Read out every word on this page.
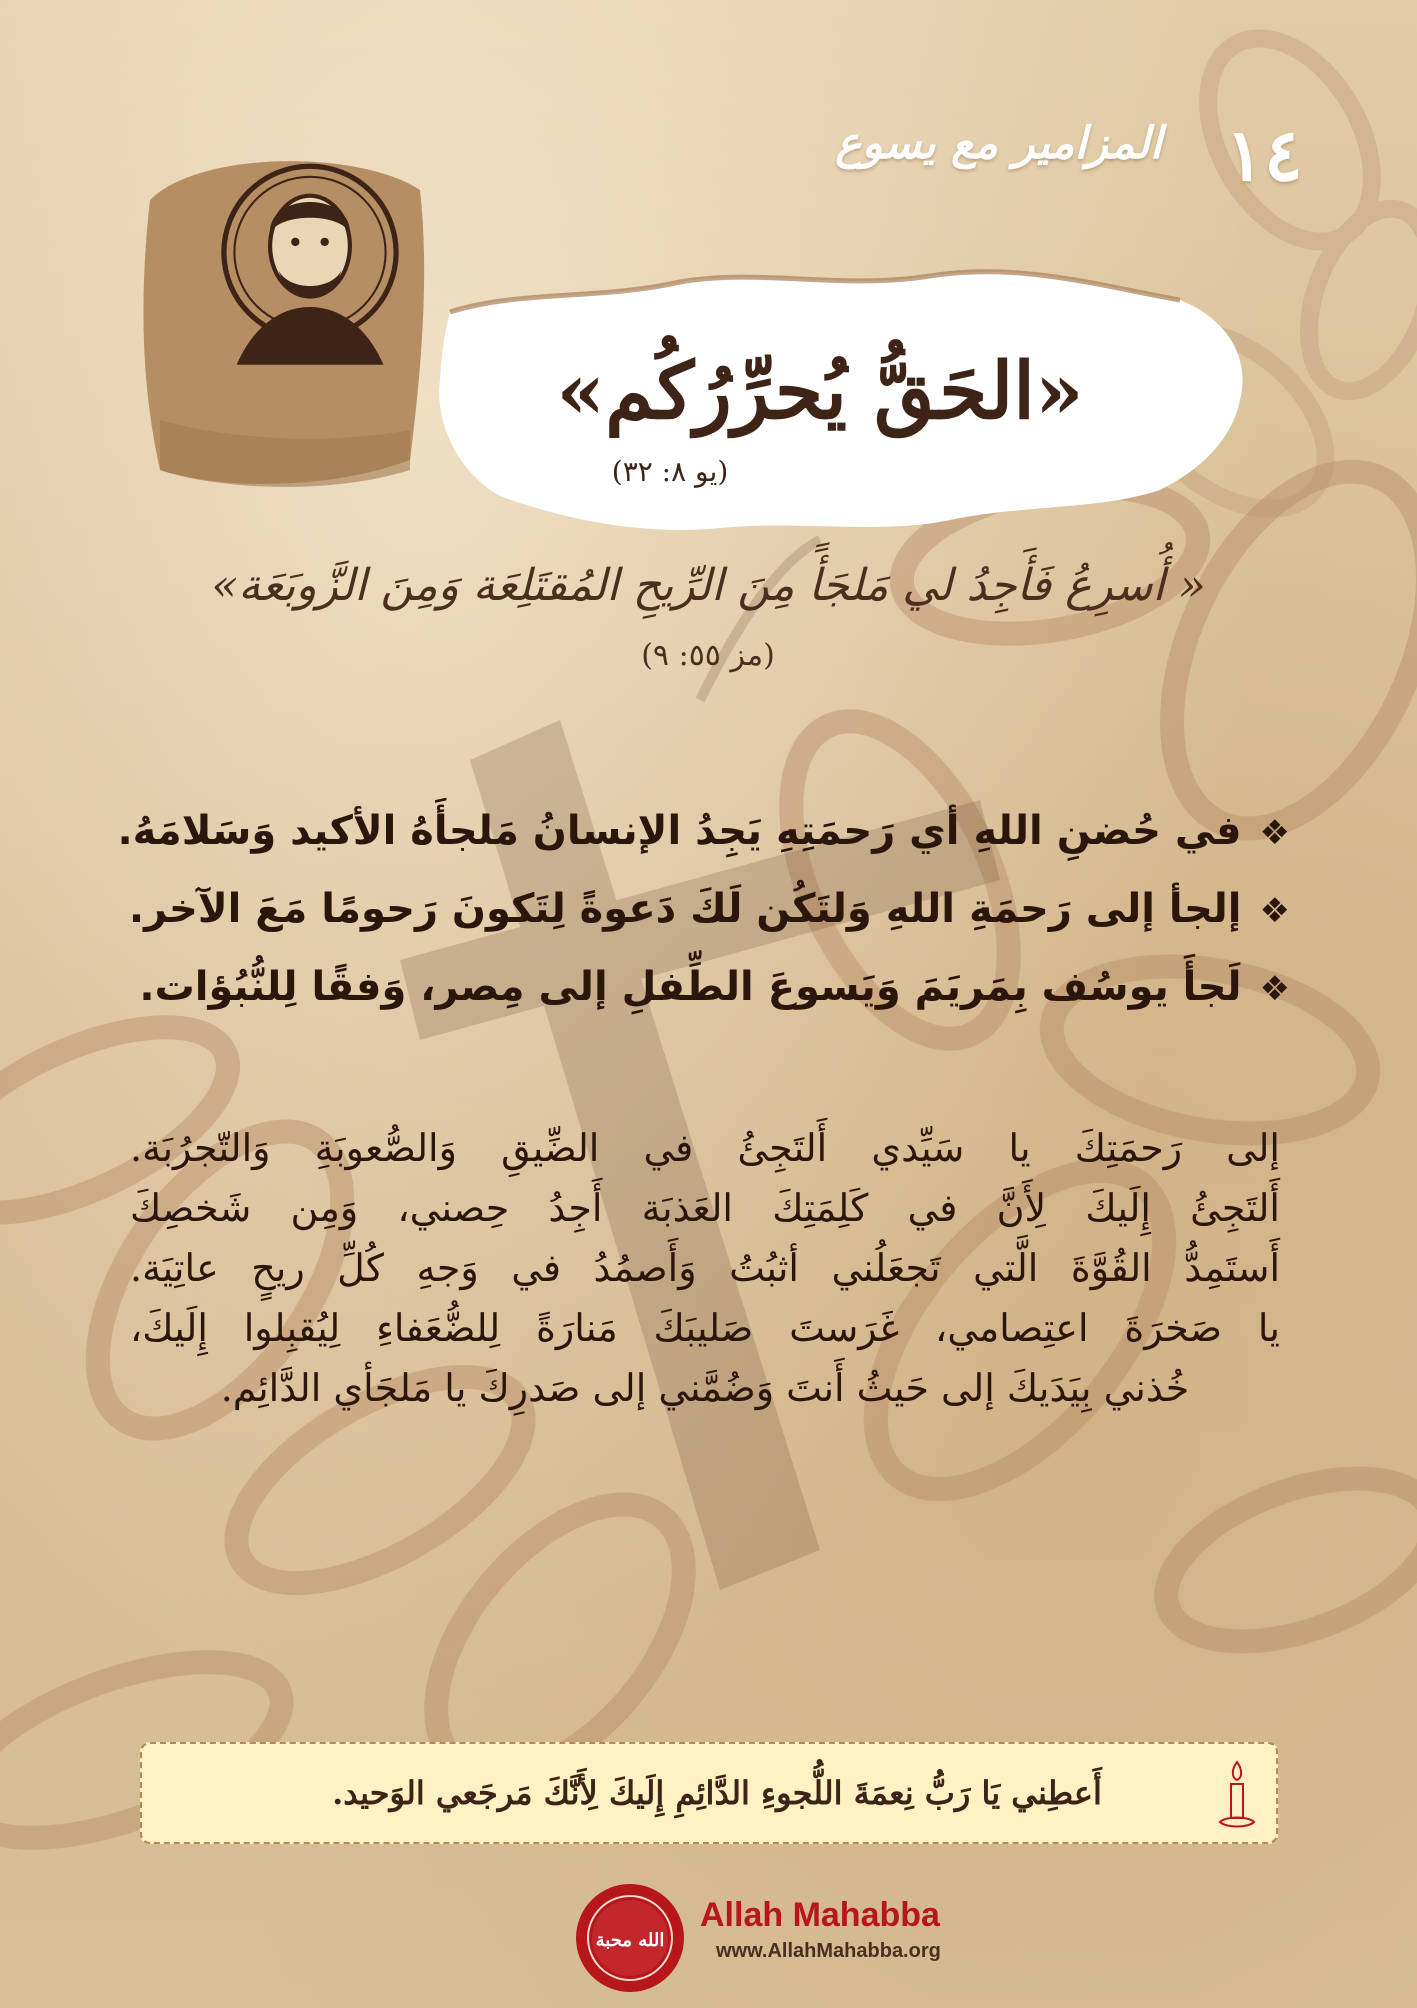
١٤
المزامير مع يسوع
«الحَقُّ يُحرِّرُكُم»
(يو ٨: ٣٢)
« أُسرِعُ فَأَجِدُ لي مَلجَأً مِنَ الرِّيحِ المُقتَلِعَة وَمِنَ الزَّوبَعَة»
(مز ٥٥: ٩)
❖في حُضنِ اللهِ أي رَحمَتِهِ يَجِدُ الإنسانُ مَلجأَهُ الأكيد وَسَلامَهُ.
❖إلجأ إلى رَحمَةِ اللهِ وَلتَكُن لَكَ دَعوةً لِتَكونَ رَحومًا مَعَ الآخر.
❖لَجأَ يوسُف بِمَريَمَ وَيَسوعَ الطِّفلِ إلى مِصر، وَفقًا لِلنُّبُؤات.
إلى رَحمَتِكَ يا سَيِّدي أَلتَجِئُ في الضِّيقِ وَالصُّعوبَةِ وَالتّجرُبَة.
أَلتَجِئُ إِلَيكَ لِأَنَّ في كَلِمَتِكَ العَذبَة أَجِدُ حِصني، وَمِن شَخصِكَ
أَستَمِدُّ القُوَّةَ الَّتي تَجعَلُني أثبُتُ وَأَصمُدُ في وَجهِ كُلِّ ريحٍ عاتِيَة.
يا صَخرَةَ اعتِصامي، غَرَستَ صَليبَكَ مَنارَةً لِلضُّعَفاءِ لِيُقبِلوا إِلَيكَ،
خُذني بِيَدَيكَ إلى حَيثُ أَنتَ وَضُمَّني إلى صَدرِكَ يا مَلجَأي الدَّائِم.
أَعطِني يَا رَبُّ نِعمَةَ اللُّجوءِ الدَّائِمِ إِلَيكَ لِأَنَّكَ مَرجَعي الوَحيد.
الله محبة
Allah Mahabba
www.AllahMahabba.org
